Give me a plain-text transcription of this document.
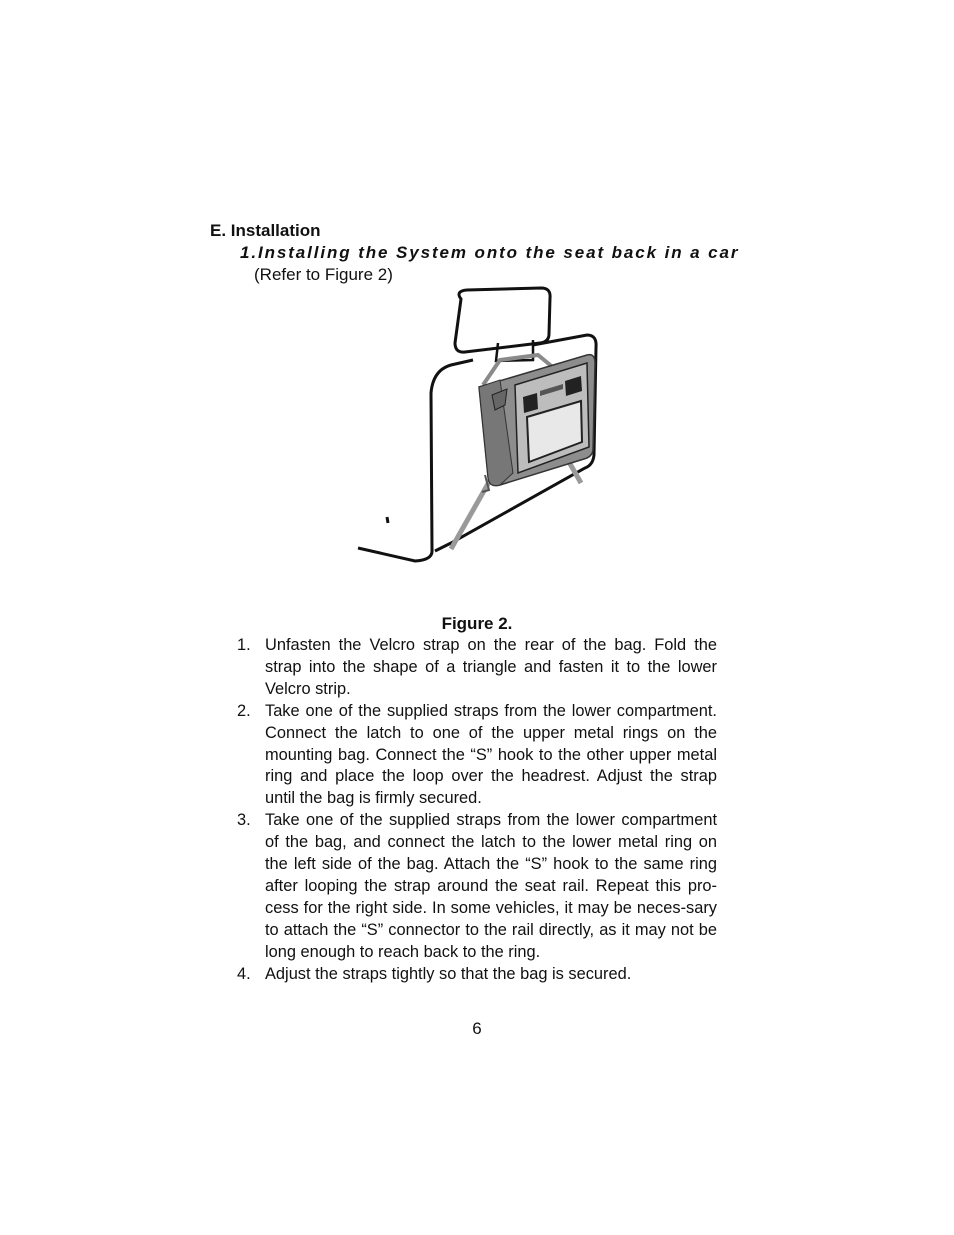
E. Installation
1.Installing the System onto the seat back in a car
(Refer to Figure 2)
Figure 2.
1. Unfasten the Velcro strap on the rear of the bag. Fold the strap into the shape of a triangle and fasten it to the lower Velcro strip.
2. Take one of the supplied straps from the lower compartment. Connect the latch to one of the upper metal rings on the mounting bag. Connect the “S” hook to the other upper metal ring and place the loop over the headrest. Adjust the strap until the bag is firmly secured.
3. Take one of the supplied straps from the lower compartment of the bag, and connect the latch to the lower metal ring on the left side of the bag. Attach the “S” hook to the same ring after looping the strap around the seat rail. Repeat this pro-cess for the right side. In some vehicles, it may be neces-sary to attach the “S” connector to the rail directly, as it may not be long enough to reach back to the ring.
4. Adjust the straps tightly so that the bag is secured.
6
